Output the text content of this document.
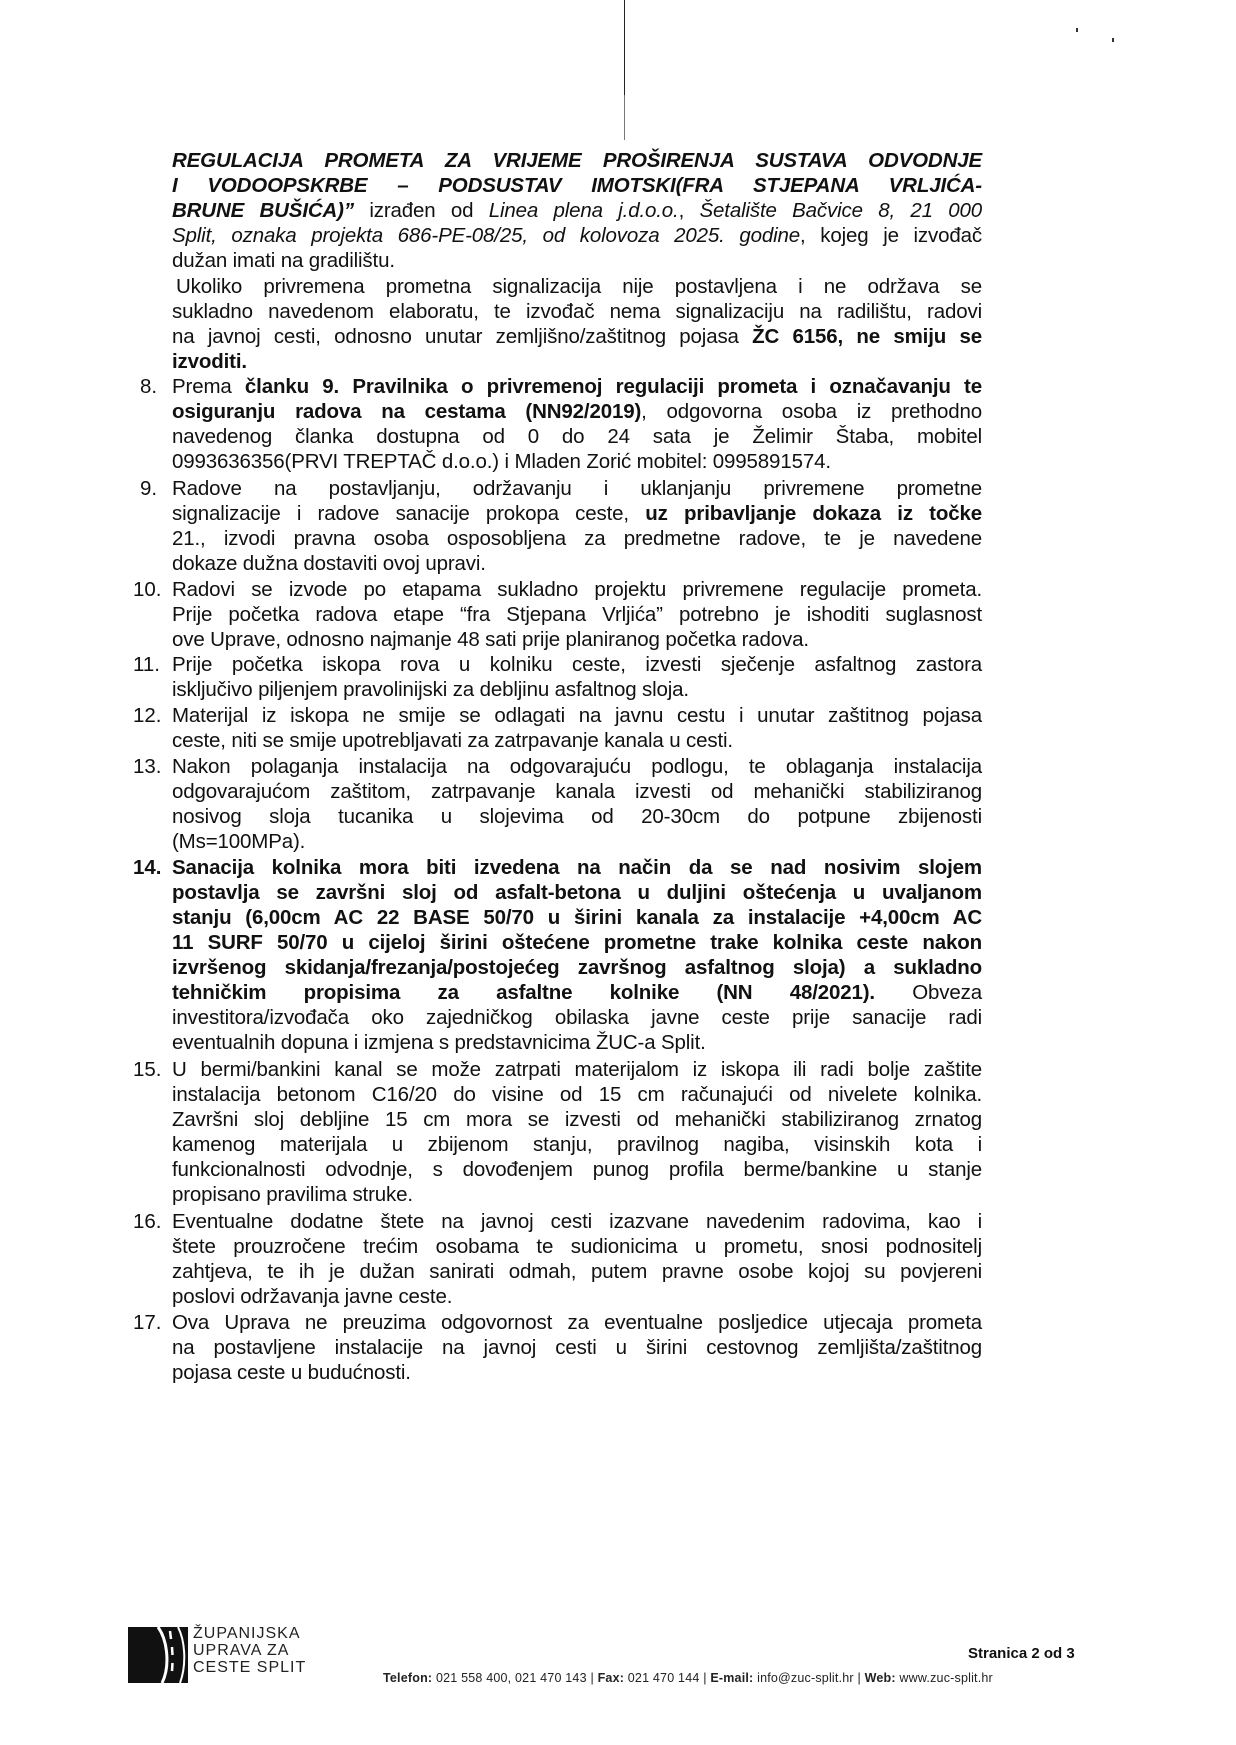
REGULACIJA PROMETA ZA VRIJEME PROŠIRENJA SUSTAVA ODVODNJE
I VODOOPSKRBE – PODSUSTAV IMOTSKI(FRA STJEPANA VRLJIĆA-
BRUNE BUŠIĆA)” izrađen od Linea plena j.d.o.o., Šetalište Bačvice 8, 21 000
Split, oznaka projekta 686-PE-08/25, od kolovoza 2025. godine, kojeg je izvođač
dužan imati na gradilištu.
Ukoliko privremena prometna signalizacija nije postavljena i ne održava se
sukladno navedenom elaboratu, te izvođač nema signalizaciju na radilištu, radovi
na javnoj cesti, odnosno unutar zemljišno/zaštitnog pojasa ŽC 6156, ne smiju se
izvoditi.
8. Prema članku 9. Pravilnika o privremenoj regulaciji prometa i označavanju te
osiguranju radova na cestama (NN92/2019), odgovorna osoba iz prethodno
navedenog članka dostupna od 0 do 24 sata je Želimir Štaba, mobitel
0993636356(PRVI TREPTAČ d.o.o.) i Mladen Zorić mobitel: 0995891574.
9. Radove na postavljanju, održavanju i uklanjanju privremene prometne
signalizacije i radove sanacije prokopa ceste, uz pribavljanje dokaza iz točke
21., izvodi pravna osoba osposobljena za predmetne radove, te je navedene
dokaze dužna dostaviti ovoj upravi.
10. Radovi se izvode po etapama sukladno projektu privremene regulacije prometa.
Prije početka radova etape “fra Stjepana Vrljića” potrebno je ishoditi suglasnost
ove Uprave, odnosno najmanje 48 sati prije planiranog početka radova.
11. Prije početka iskopa rova u kolniku ceste, izvesti sječenje asfaltnog zastora
isključivo piljenjem pravolinijski za debljinu asfaltnog sloja.
12. Materijal iz iskopa ne smije se odlagati na javnu cestu i unutar zaštitnog pojasa
ceste, niti se smije upotrebljavati za zatrpavanje kanala u cesti.
13. Nakon polaganja instalacija na odgovarajuću podlogu, te oblaganja instalacija
odgovarajućom zaštitom, zatrpavanje kanala izvesti od mehanički stabiliziranog
nosivog sloja tucanika u slojevima od 20-30cm do potpune zbijenosti
(Ms=100MPa).
14. Sanacija kolnika mora biti izvedena na način da se nad nosivim slojem
postavlja se završni sloj od asfalt-betona u duljini oštećenja u uvaljanom
stanju (6,00cm AC 22 BASE 50/70 u širini kanala za instalacije +4,00cm AC
11 SURF 50/70 u cijeloj širini oštećene prometne trake kolnika ceste nakon
izvršenog skidanja/frezanja/postojećeg završnog asfaltnog sloja) a sukladno
tehničkim propisima za asfaltne kolnike (NN 48/2021). Obveza
investitora/izvođača oko zajedničkog obilaska javne ceste prije sanacije radi
eventualnih dopuna i izmjena s predstavnicima ŽUC-a Split.
15. U bermi/bankini kanal se može zatrpati materijalom iz iskopa ili radi bolje zaštite
instalacija betonom C16/20 do visine od 15 cm računajući od nivelete kolnika.
Završni sloj debljine 15 cm mora se izvesti od mehanički stabiliziranog zrnatog
kamenog materijala u zbijenom stanju, pravilnog nagiba, visinskih kota i
funkcionalnosti odvodnje, s dovođenjem punog profila berme/bankine u stanje
propisano pravilima struke.
16. Eventualne dodatne štete na javnoj cesti izazvane navedenim radovima, kao i
štete prouzročene trećim osobama te sudionicima u prometu, snosi podnositelj
zahtjeva, te ih je dužan sanirati odmah, putem pravne osobe kojoj su povjereni
poslovi održavanja javne ceste.
17. Ova Uprava ne preuzima odgovornost za eventualne posljedice utjecaja prometa
na postavljene instalacije na javnoj cesti u širini cestovnog zemljišta/zaštitnog
pojasa ceste u budućnosti.
ŽUPANIJSKA
UPRAVA ZA
CESTE SPLIT
Stranica 2 od 3
Telefon: 021 558 400, 021 470 143 | Fax: 021 470 144 | E-mail: info@zuc-split.hr | Web: www.zuc-split.hr
